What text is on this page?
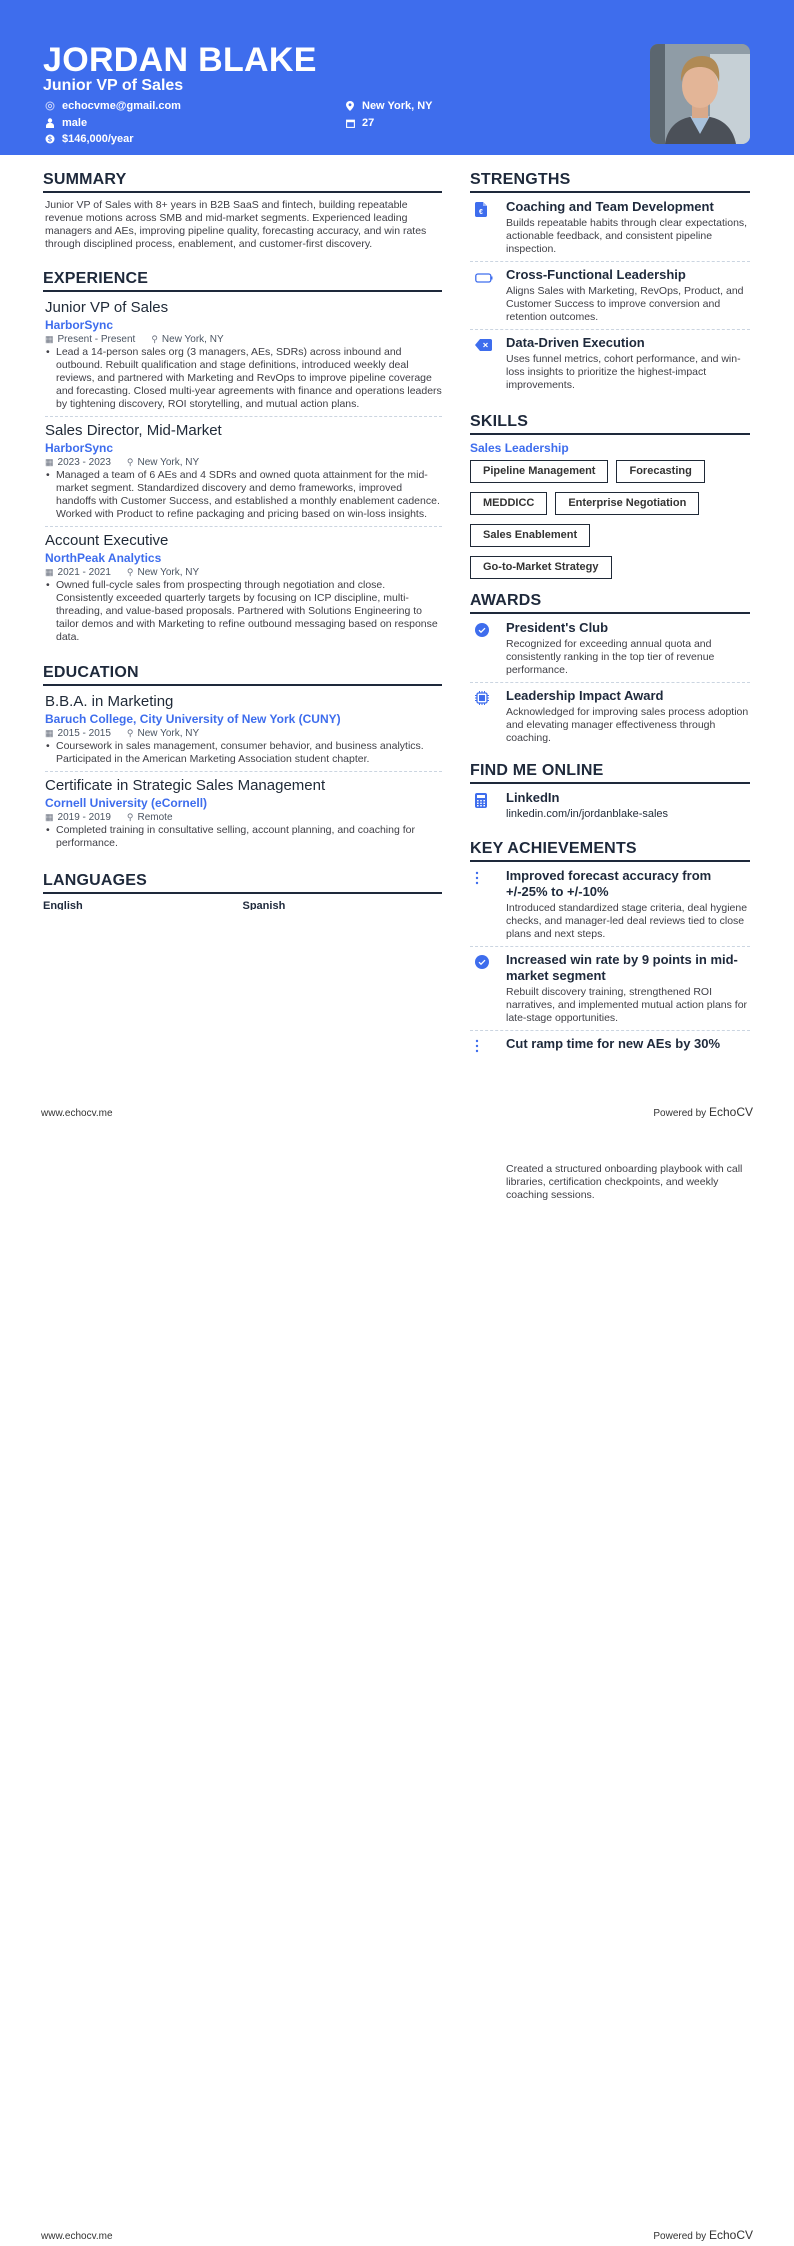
JORDAN BLAKE
Junior VP of Sales
echocvme@gmail.com	New York, NY
male	27
$ $146,000/year
SUMMARY
Junior VP of Sales with 8+ years in B2B SaaS and fintech, building repeatable revenue motions across SMB and mid-market segments. Experienced leading managers and AEs, improving pipeline quality, forecasting accuracy, and win rates through disciplined process, enablement, and customer-first discovery.
EXPERIENCE
Junior VP of Sales
HarborSync
▦ Present - Present ⚲ New York, NY
• Lead a 14-person sales org (3 managers, AEs, SDRs) across inbound and outbound. Rebuilt qualification and stage definitions, introduced weekly deal reviews, and partnered with Marketing and RevOps to improve pipeline coverage and forecasting. Closed multi-year agreements with finance and operations leaders by tightening discovery, ROI storytelling, and mutual action plans.
Sales Director, Mid-Market
HarborSync
▦ 2023 - 2023 ⚲ New York, NY
• Managed a team of 6 AEs and 4 SDRs and owned quota attainment for the mid-market segment. Standardized discovery and demo frameworks, improved handoffs with Customer Success, and established a monthly enablement cadence. Worked with Product to refine packaging and pricing based on win-loss insights.
Account Executive
NorthPeak Analytics
▦ 2021 - 2021 ⚲ New York, NY
• Owned full-cycle sales from prospecting through negotiation and close. Consistently exceeded quarterly targets by focusing on ICP discipline, multi-threading, and value-based proposals. Partnered with Solutions Engineering to tailor demos and with Marketing to refine outbound messaging based on response data.
EDUCATION
B.B.A. in Marketing
Baruch College, City University of New York (CUNY)
▦ 2015 - 2015 ⚲ New York, NY
• Coursework in sales management, consumer behavior, and business analytics. Participated in the American Marketing Association student chapter.
Certificate in Strategic Sales Management
Cornell University (eCornell)
▦ 2019 - 2019 ⚲ Remote
• Completed training in consultative selling, account planning, and coaching for performance.
LANGUAGES
English	Spanish
STRENGTHS
€ Coaching and Team Development
Builds repeatable habits through clear expectations, actionable feedback, and consistent pipeline inspection.
Cross-Functional Leadership
Aligns Sales with Marketing, RevOps, Product, and Customer Success to improve conversion and retention outcomes.
Data-Driven Execution
Uses funnel metrics, cohort performance, and win-loss insights to prioritize the highest-impact improvements.
SKILLS
Sales Leadership
Pipeline Management	Forecasting
MEDDICC	Enterprise Negotiation
Sales Enablement
Go-to-Market Strategy
AWARDS
President's Club
Recognized for exceeding annual quota and consistently ranking in the top tier of revenue performance.
Leadership Impact Award
Acknowledged for improving sales process adoption and elevating manager effectiveness through coaching.
FIND ME ONLINE
LinkedIn
linkedin.com/in/jordanblake-sales
KEY ACHIEVEMENTS
Improved forecast accuracy from +/-25% to +/-10%
Introduced standardized stage criteria, deal hygiene checks, and manager-led deal reviews tied to close plans and next steps.
Increased win rate by 9 points in mid-market segment
Rebuilt discovery training, strengthened ROI narratives, and implemented mutual action plans for late-stage opportunities.
Cut ramp time for new AEs by 30%
www.echocv.me	Powered by EchoCV
Created a structured onboarding playbook with call libraries, certification checkpoints, and weekly coaching sessions.
www.echocv.me	Powered by EchoCV
